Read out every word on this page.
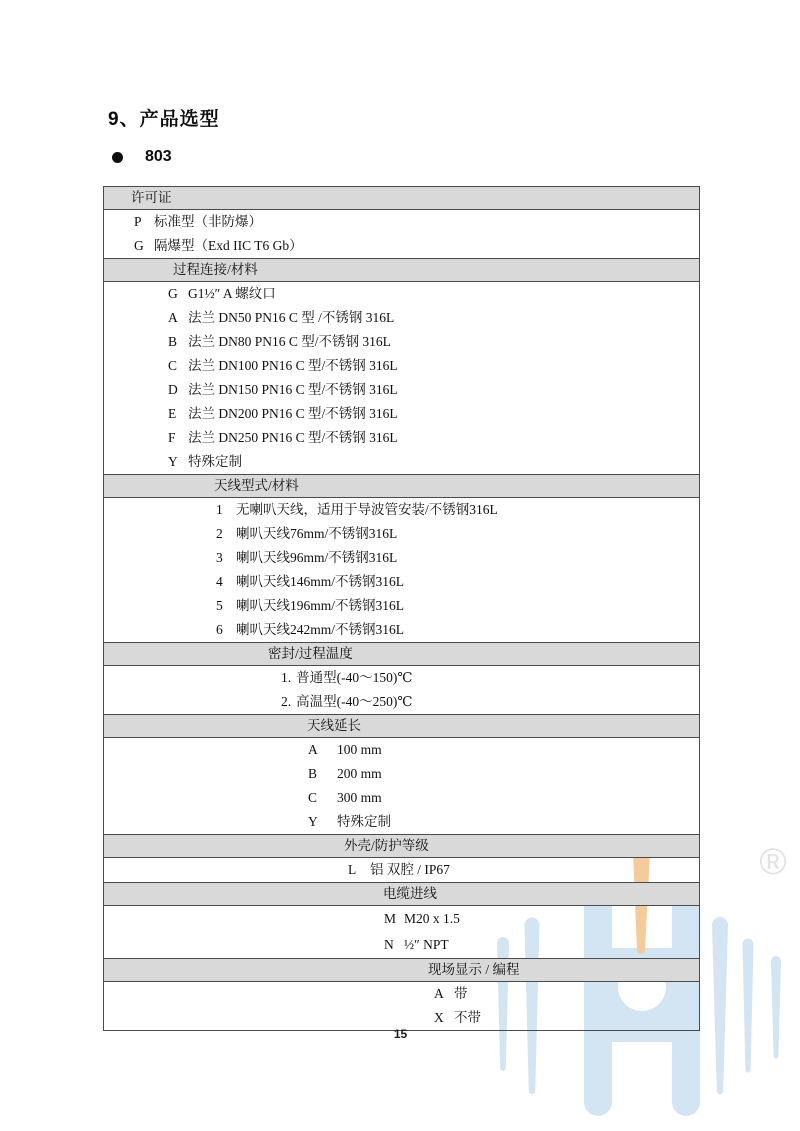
®
9、产品选型
803
许可证
P 标准型（非防爆）
G 隔爆型（Exd IIC T6 Gb）
过程连接/材料
G G1½″ A 螺纹口
A 法兰 DN50 PN16 C 型 /不锈钢 316L
B 法兰 DN80 PN16 C 型/不锈钢 316L
C 法兰 DN100 PN16 C 型/不锈钢 316L
D 法兰 DN150 PN16 C 型/不锈钢 316L
E 法兰 DN200 PN16 C 型/不锈钢 316L
F 法兰 DN250 PN16 C 型/不锈钢 316L
Y 特殊定制
天线型式/材料
1 无喇叭天线，适用于导波管安装/不锈钢316L
2 喇叭天线76mm/不锈钢316L
3 喇叭天线96mm/不锈钢316L
4 喇叭天线146mm/不锈钢316L
5 喇叭天线196mm/不锈钢316L
6 喇叭天线242mm/不锈钢316L
密封/过程温度
1. 普通型(-40～150)℃
2. 高温型(-40～250)℃
天线延长
A 100 mm
B 200 mm
C 300 mm
Y 特殊定制
外壳/防护等级
L 铝 双腔 / IP67
电缆进线
M M20 x 1.5
N ½″ NPT
现场显示 / 编程
A 带
X 不带
15
